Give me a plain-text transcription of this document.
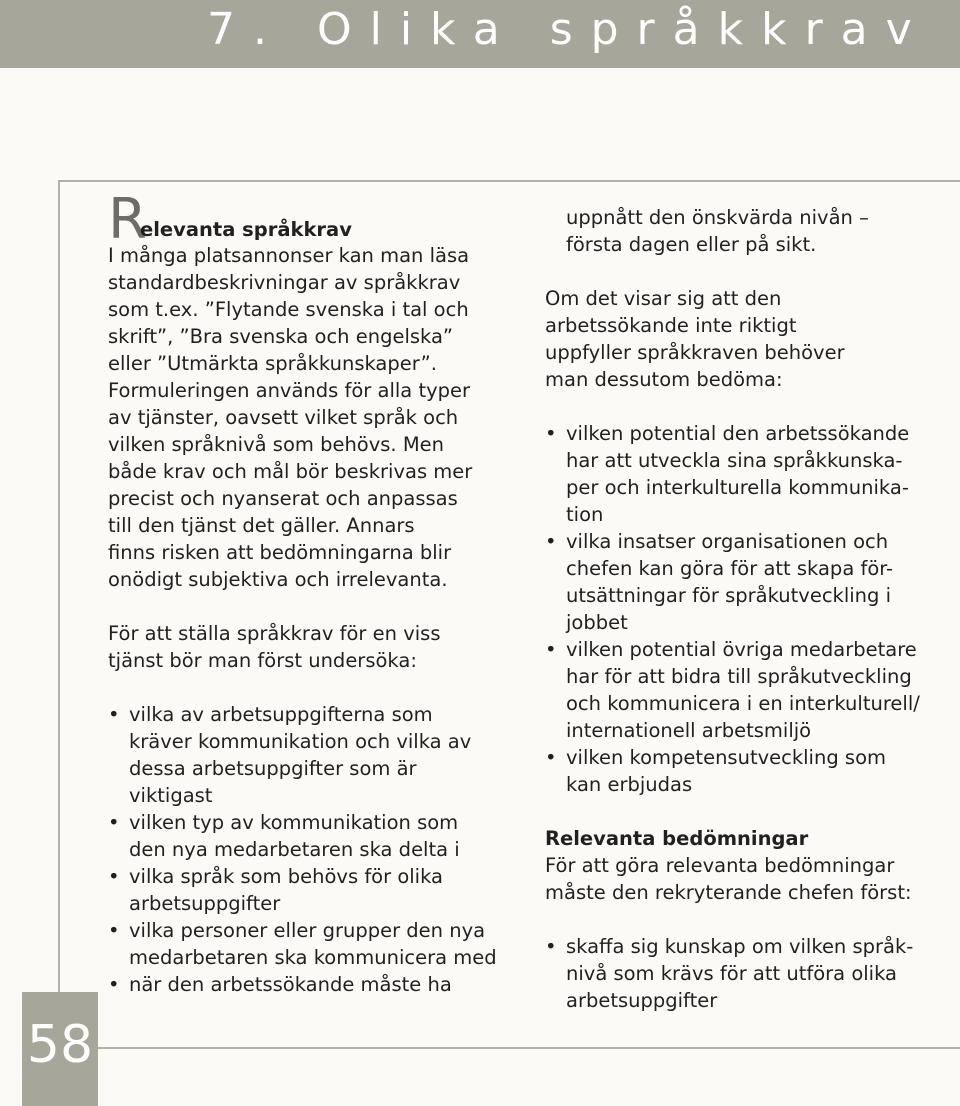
7. Olika språkkrav
58
Relevanta språkkrav
I många platsannonser kan man läsa
standardbeskrivningar av språkkrav
som t.ex. ”Flytande svenska i tal och
skrift”, ”Bra svenska och engelska”
eller ”Utmärkta språkkunskaper”.
Formuleringen används för alla typer
av tjänster, oavsett vilket språk och
vilken språknivå som behövs. Men
både krav och mål bör beskrivas mer
precist och nyanserat och anpassas
till den tjänst det gäller. Annars
finns risken att bedömningarna blir
onödigt subjektiva och irrelevanta.
För att ställa språkkrav för en viss
tjänst bör man först undersöka:
• vilka av arbetsuppgifterna som
kräver kommunikation och vilka av
dessa arbetsuppgifter som är
viktigast
• vilken typ av kommunikation som
den nya medarbetaren ska delta i
• vilka språk som behövs för olika
arbetsuppgifter
• vilka personer eller grupper den nya
medarbetaren ska kommunicera med
• när den arbetssökande måste ha
uppnått den önskvärda nivån –
första dagen eller på sikt.
Om det visar sig att den
arbetssökande inte riktigt
uppfyller språkkraven behöver
man dessutom bedöma:
• vilken potential den arbetssökande
har att utveckla sina språkkunska-
per och interkulturella kommunika-
tion
• vilka insatser organisationen och
chefen kan göra för att skapa för-
utsättningar för språkutveckling i
jobbet
• vilken potential övriga medarbetare
har för att bidra till språkutveckling
och kommunicera i en interkulturell/
internationell arbetsmiljö
• vilken kompetensutveckling som
kan erbjudas
Relevanta bedömningar
För att göra relevanta bedömningar
måste den rekryterande chefen först:
• skaffa sig kunskap om vilken språk-
nivå som krävs för att utföra olika
arbetsuppgifter
